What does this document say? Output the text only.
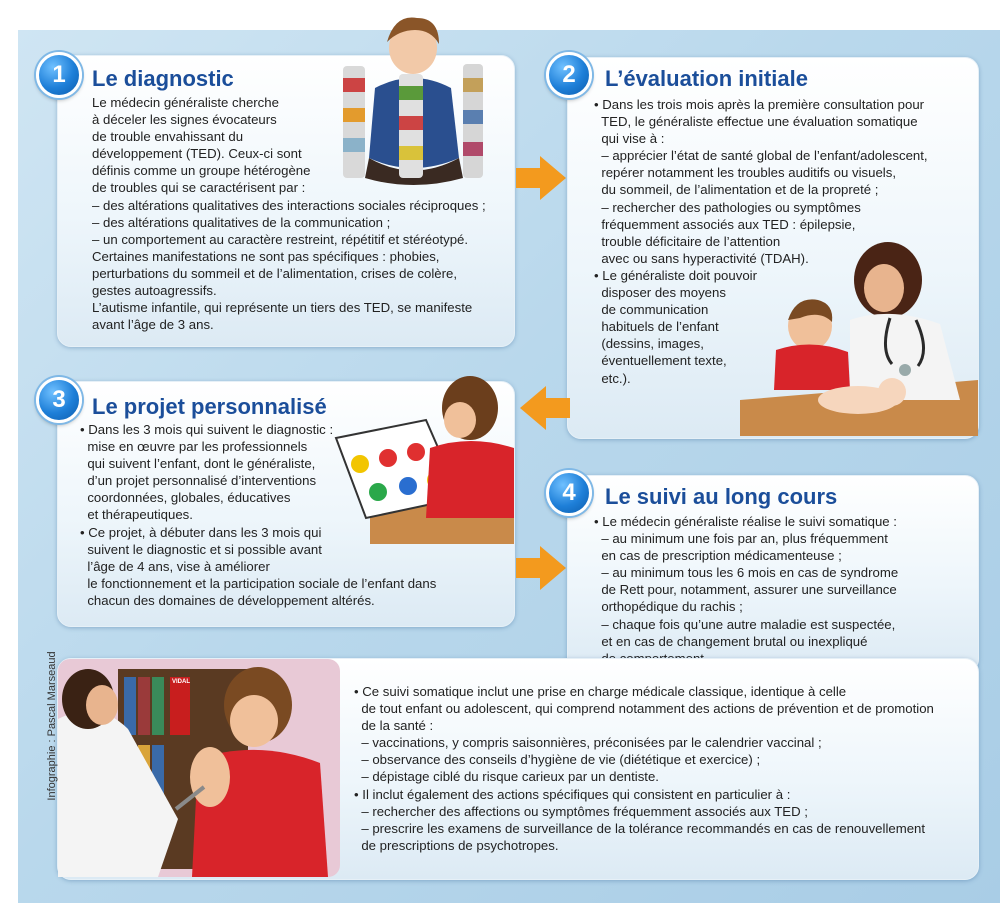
1	Le diagnostic
Le médecin généraliste cherche
à déceler les signes évocateurs
de trouble envahissant du
développement (TED). Ceux-ci sont
définis comme un groupe hétérogène
de troubles qui se caractérisent par :
– des altérations qualitatives des interactions sociales réciproques ;
– des altérations qualitatives de la communication ;
– un comportement au caractère restreint, répétitif et stéréotypé.
Certaines manifestations ne sont pas spécifiques : phobies,
perturbations du sommeil et de l’alimentation, crises de colère,
gestes autoagressifs.
L’autisme infantile, qui représente un tiers des TED, se manifeste
avant l’âge de 3 ans.
2	L’évaluation initiale
• Dans les trois mois après la première consultation pour
TED, le généraliste effectue une évaluation somatique
qui vise à :
– apprécier l’état de santé global de l’enfant/adolescent,
repérer notamment les troubles auditifs ou visuels,
du sommeil, de l’alimentation et de la propreté ;
– rechercher des pathologies ou symptômes
fréquemment associés aux TED : épilepsie,
trouble déficitaire de l’attention
avec ou sans hyperactivité (TDAH).
• Le généraliste doit pouvoir
disposer des moyens
de communication
habituels de l’enfant
(dessins, images,
éventuellement texte,
etc.).
3	Le projet personnalisé
• Dans les 3 mois qui suivent le diagnostic :
mise en œuvre par les professionnels
qui suivent l’enfant, dont le généraliste,
d’un projet personnalisé d’interventions
coordonnées, globales, éducatives
et thérapeutiques.
• Ce projet, à débuter dans les 3 mois qui
suivent le diagnostic et si possible avant
l’âge de 4 ans, vise à améliorer
le fonctionnement et la participation sociale de l’enfant dans
chacun des domaines de développement altérés.
4	Le suivi au long cours
• Le médecin généraliste réalise le suivi somatique :
– au minimum une fois par an, plus fréquemment
en cas de prescription médicamenteuse ;
– au minimum tous les 6 mois en cas de syndrome
de Rett pour, notamment, assurer une surveillance
orthopédique du rachis ;
– chaque fois qu’une autre maladie est suspectée,
et en cas de changement brutal ou inexpliqué

VIDAL
• Ce suivi somatique inclut une prise en charge médicale classique, identique à celle
de tout enfant ou adolescent, qui comprend notamment des actions de prévention et de promotion
de la santé :
– vaccinations, y compris saisonnières, préconisées par le calendrier vaccinal ;
– observance des conseils d’hygiène de vie (diététique et exercice) ;
– dépistage ciblé du risque carieux par un dentiste.
• Il inclut également des actions spécifiques qui consistent en particulier à :
– rechercher des affections ou symptômes fréquemment associés aux TED ;
– prescrire les examens de surveillance de la tolérance recommandés en cas de renouvellement
de prescriptions de psychotropes.
Infographie : Pascal Marseaud
